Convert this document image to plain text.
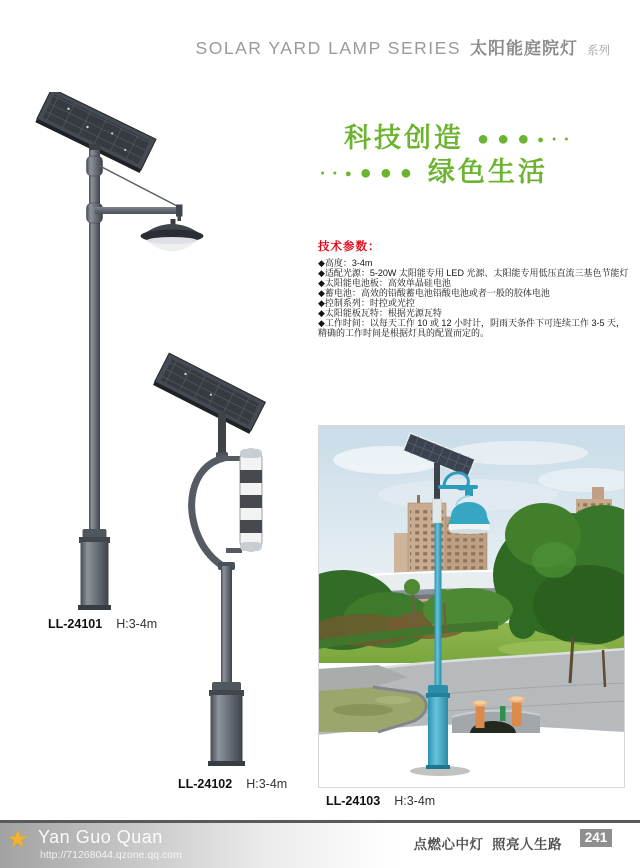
SOLAR YARD LAMP SERIES 太阳能庭院灯 系列
科技创造 ● ● ● ● ● ●
● ● ● ● ● ● 绿色生活
技术参数：
◆高度：3-4m
◆适配光源：5-20W 太阳能专用 LED 光源、太阳能专用低压直流三基色节能灯
◆太阳能电池板：高效单晶硅电池
◆蓄电池：高效的铅酸蓄电池铅酸电池或者一般的胶体电池
◆控制系列：时控或光控
◆太阳能板瓦特：根据光源瓦特
◆工作时间：以每天工作 10 或 12 小时计，阴雨天条件下可连续工作 3-5 天，
精确的工作时间是根据灯具的配置而定的。
LL-24101 H:3-4m
LL-24102 H:3-4m
LL-24103 H:3-4m
★ Yan Guo Quan
http://71268044.qzone.qq.com
点燃心中灯  照亮人生路	241
